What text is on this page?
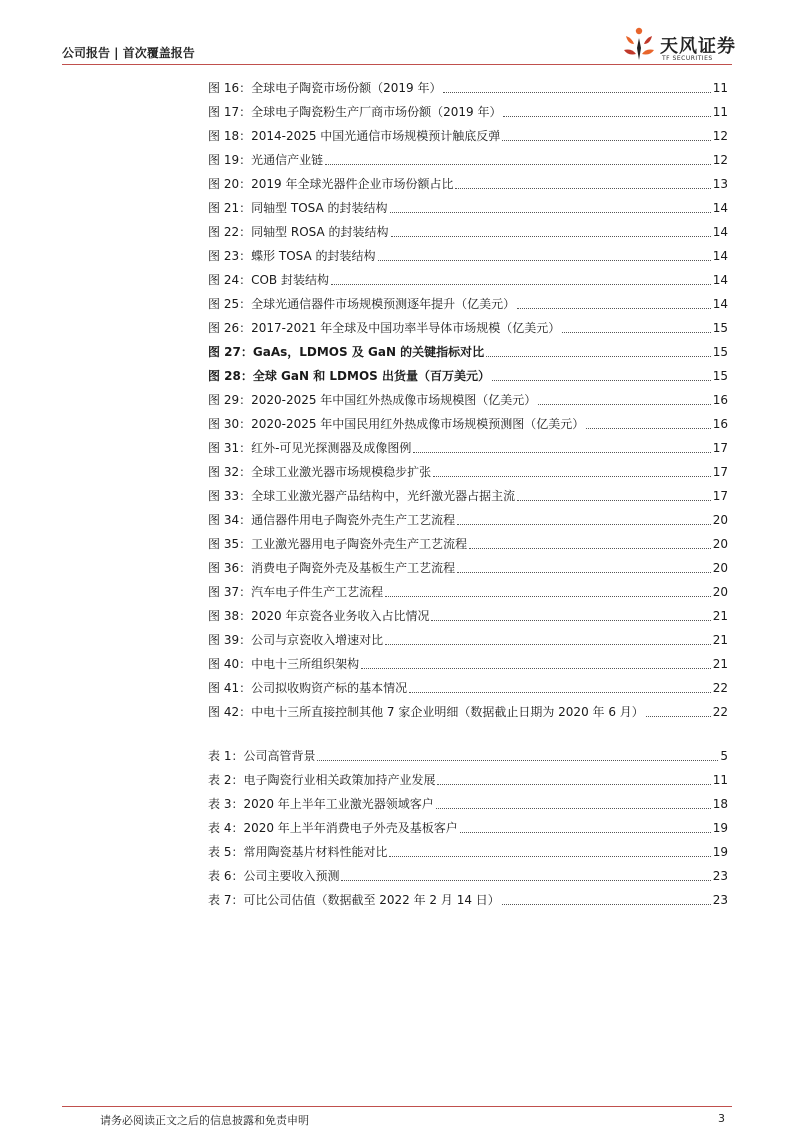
公司报告 | 首次覆盖报告	天风证券
TF SECURITIES
图 16：全球电子陶瓷市场份额（2019 年）	11
图 17：全球电子陶瓷粉生产厂商市场份额（2019 年）	11
图 18：2014-2025 中国光通信市场规模预计触底反弹	12
图 19：光通信产业链	12
图 20：2019 年全球光器件企业市场份额占比	13
图 21：同轴型 TOSA 的封装结构	14
图 22：同轴型 ROSA 的封装结构	14
图 23：蝶形 TOSA 的封装结构	14
图 24：COB 封装结构	14
图 25：全球光通信器件市场规模预测逐年提升（亿美元）	14
图 26：2017-2021 年全球及中国功率半导体市场规模（亿美元）	15
图 27：GaAs，LDMOS 及 GaN 的关键指标对比	15
图 28：全球 GaN 和 LDMOS 出货量（百万美元）	15
图 29：2020-2025 年中国红外热成像市场规模图（亿美元）	16
图 30：2020-2025 年中国民用红外热成像市场规模预测图（亿美元）	16
图 31：红外-可见光探测器及成像图例	17
图 32：全球工业激光器市场规模稳步扩张	17
图 33：全球工业激光器产品结构中，光纤激光器占据主流	17
图 34：通信器件用电子陶瓷外壳生产工艺流程	20
图 35：工业激光器用电子陶瓷外壳生产工艺流程	20
图 36：消费电子陶瓷外壳及基板生产工艺流程	20
图 37：汽车电子件生产工艺流程	20
图 38：2020 年京瓷各业务收入占比情况	21
图 39：公司与京瓷收入增速对比	21
图 40：中电十三所组织架构	21
图 41：公司拟收购资产标的基本情况	22
图 42：中电十三所直接控制其他 7 家企业明细（数据截止日期为 2020 年 6 月）	22
表 1：公司高管背景	5
表 2：电子陶瓷行业相关政策加持产业发展	11
表 3：2020 年上半年工业激光器领域客户	18
表 4：2020 年上半年消费电子外壳及基板客户	19
表 5：常用陶瓷基片材料性能对比	19
表 6：公司主要收入预测	23
表 7：可比公司估值（数据截至 2022 年 2 月 14 日）	23
请务必阅读正文之后的信息披露和免责申明	3
